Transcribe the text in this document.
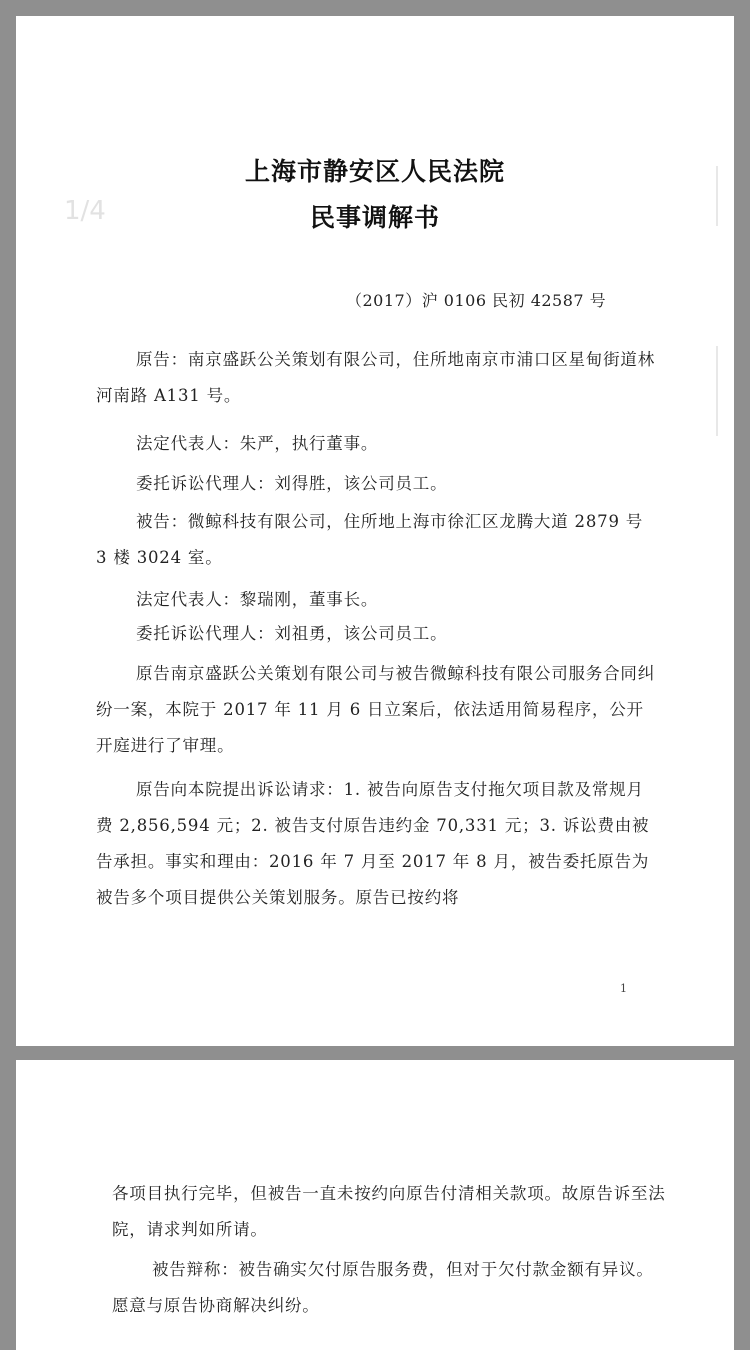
1/4
上海市静安区人民法院
民事调解书
（2017）沪 0106 民初 42587 号

原告：南京盛跃公关策划有限公司，住所地南京市浦口区星甸街道林河南路 A131 号。

法定代表人：朱严，执行董事。

委托诉讼代理人：刘得胜，该公司员工。

被告：微鲸科技有限公司，住所地上海市徐汇区龙腾大道 2879 号 3 楼 3024 室。

法定代表人：黎瑞刚，董事长。

委托诉讼代理人：刘祖勇，该公司员工。

原告南京盛跃公关策划有限公司与被告微鲸科技有限公司服务合同纠纷一案，本院于 2017 年 11 月 6 日立案后，依法适用简易程序，公开开庭进行了审理。

原告向本院提出诉讼请求：1. 被告向原告支付拖欠项目款及常规月费 2,856,594 元；2. 被告支付原告违约金 70,331 元；3. 诉讼费由被告承担。事实和理由：2016 年 7 月至 2017 年 8 月，被告委托原告为被告多个项目提供公关策划服务。原告已按约将

1

各项目执行完毕，但被告一直未按约向原告付清相关款项。故原告诉至法院，请求判如所请。

被告辩称：被告确实欠付原告服务费，但对于欠付款金额有异议。愿意与原告协商解决纠纷。
